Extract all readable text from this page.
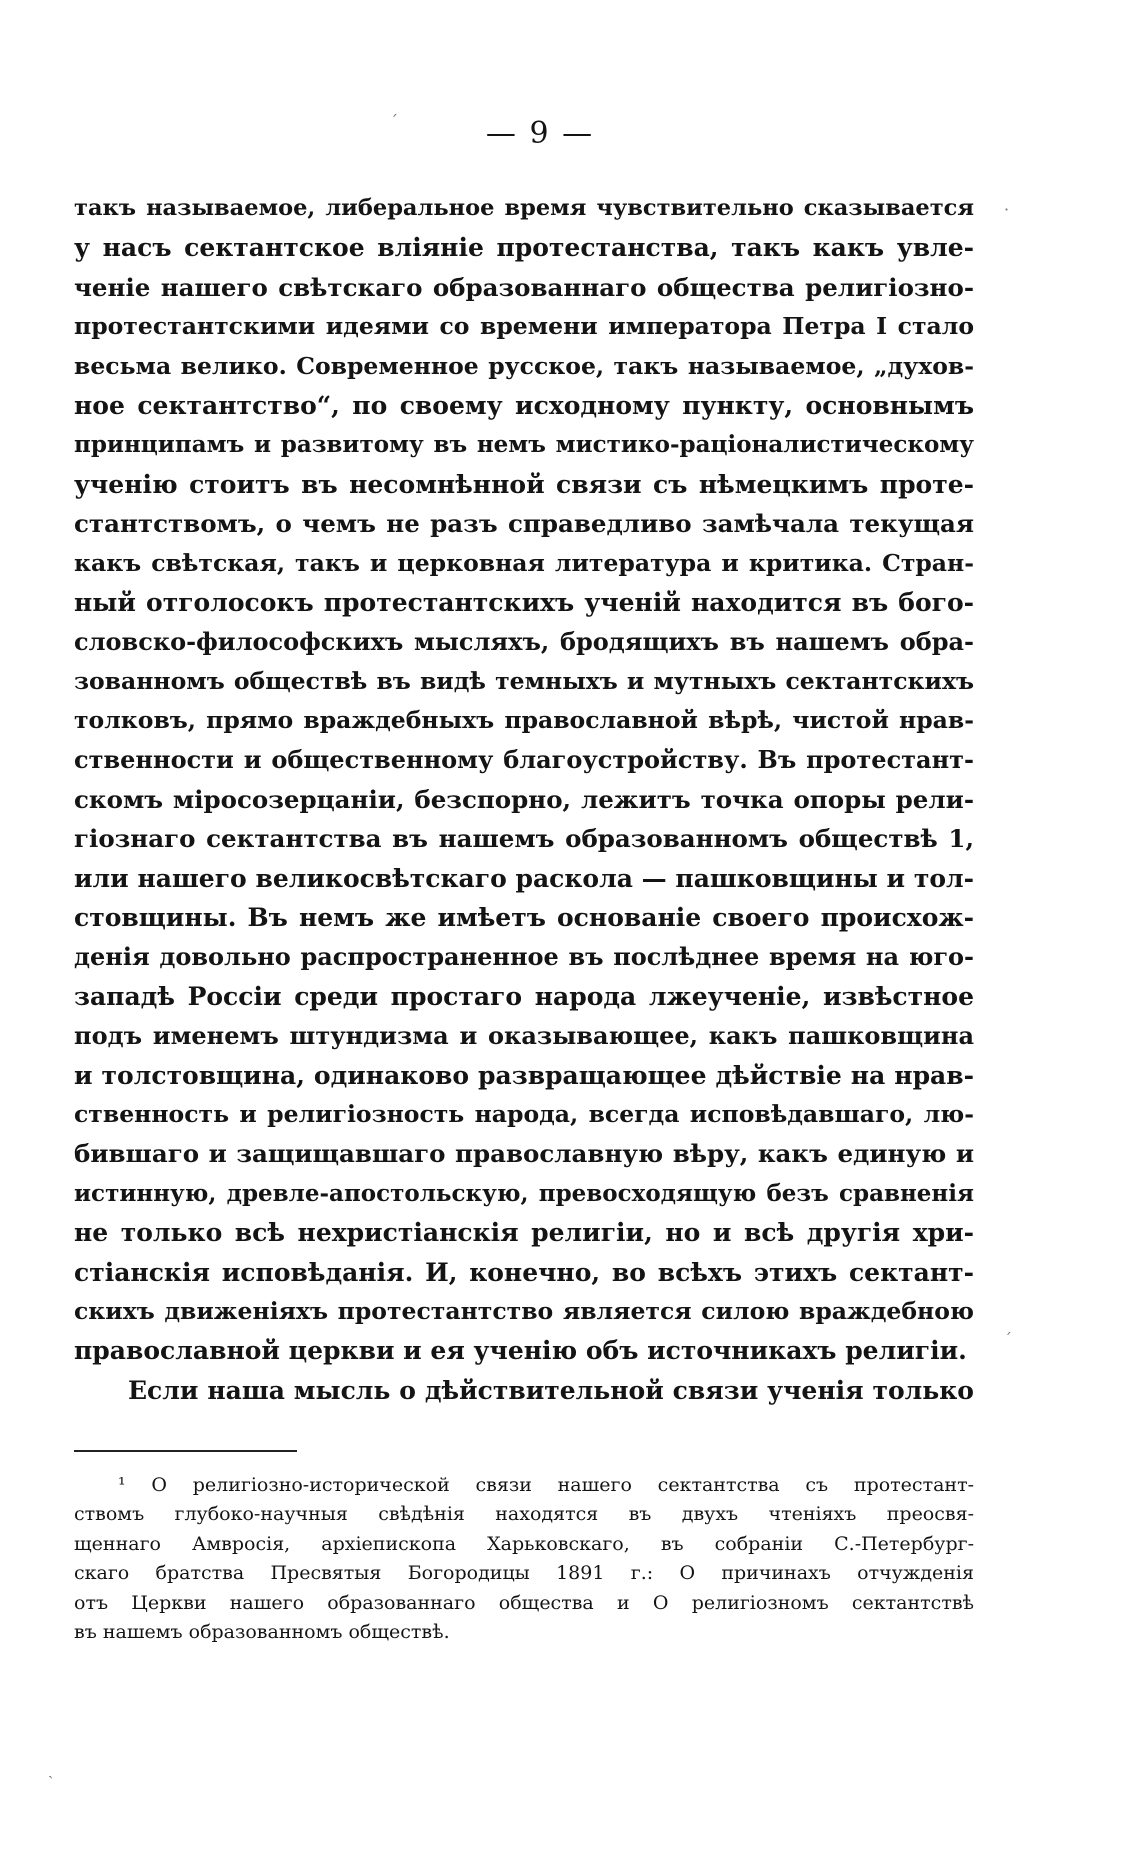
— 9 —
такъ называемое, либеральное время чувствительно сказывается
у насъ сектантское вліяніе протестанства, такъ какъ увле-
ченіе нашего свѣтскаго образованнаго общества религіозно-
протестантскими идеями со времени императора Петра I стало
весьма велико. Современное русское, такъ называемое, „духов-
ное сектантство“, по своему исходному пункту, основнымъ
принципамъ и развитому въ немъ мистико-раціоналистическому
ученію стоитъ въ несомнѣнной связи съ нѣмецкимъ проте-
стантствомъ, о чемъ не разъ справедливо замѣчала текущая
какъ свѣтская, такъ и церковная литература и критика. Стран-
ный отголосокъ протестантскихъ ученій находится въ бого-
словско-философскихъ мысляхъ, бродящихъ въ нашемъ обра-
зованномъ обществѣ въ видѣ темныхъ и мутныхъ сектантскихъ
толковъ, прямо враждебныхъ православной вѣрѣ, чистой нрав-
ственности и общественному благоустройству. Въ протестант-
скомъ міросозерцаніи, безспорно, лежитъ точка опоры рели-
гіознаго сектантства въ нашемъ образованномъ обществѣ 1,
или нашего великосвѣтскаго раскола — пашковщины и тол-
стовщины. Въ немъ же имѣетъ основаніе своего происхож-
денія довольно распространенное въ послѣднее время на юго-
западѣ Россіи среди простаго народа лжеученіе, извѣстное
подъ именемъ штундизма и оказывающее, какъ пашковщина
и толстовщина, одинаково развращающее дѣйствіе на нрав-
ственность и религіозность народа, всегда исповѣдавшаго, лю-
бившаго и защищавшаго православную вѣру, какъ единую и
истинную, древле-апостольскую, превосходящую безъ сравненія
не только всѣ нехристіанскія религіи, но и всѣ другія хри-
стіанскія исповѣданія. И, конечно, во всѣхъ этихъ сектант-
скихъ движеніяхъ протестантство является силою враждебною
православной церкви и ея ученію объ источникахъ религіи.
Если наша мысль о дѣйствительной связи ученія только
¹ О религіозно-исторической связи нашего сектантства съ протестант-
ствомъ глубоко-научныя свѣдѣнія находятся въ двухъ чтеніяхъ преосвя-
щеннаго Амвросія, архіепископа Харьковскаго, въ собраніи С.-Петербург-
скаго братства Пресвятыя Богородицы 1891 г.: О причинахъ отчужденія
отъ Церкви нашего образованнаго общества и О религіозномъ сектантствѣ
въ нашемъ образованномъ обществѣ.
ˊ
·
ˊ
ˎ
